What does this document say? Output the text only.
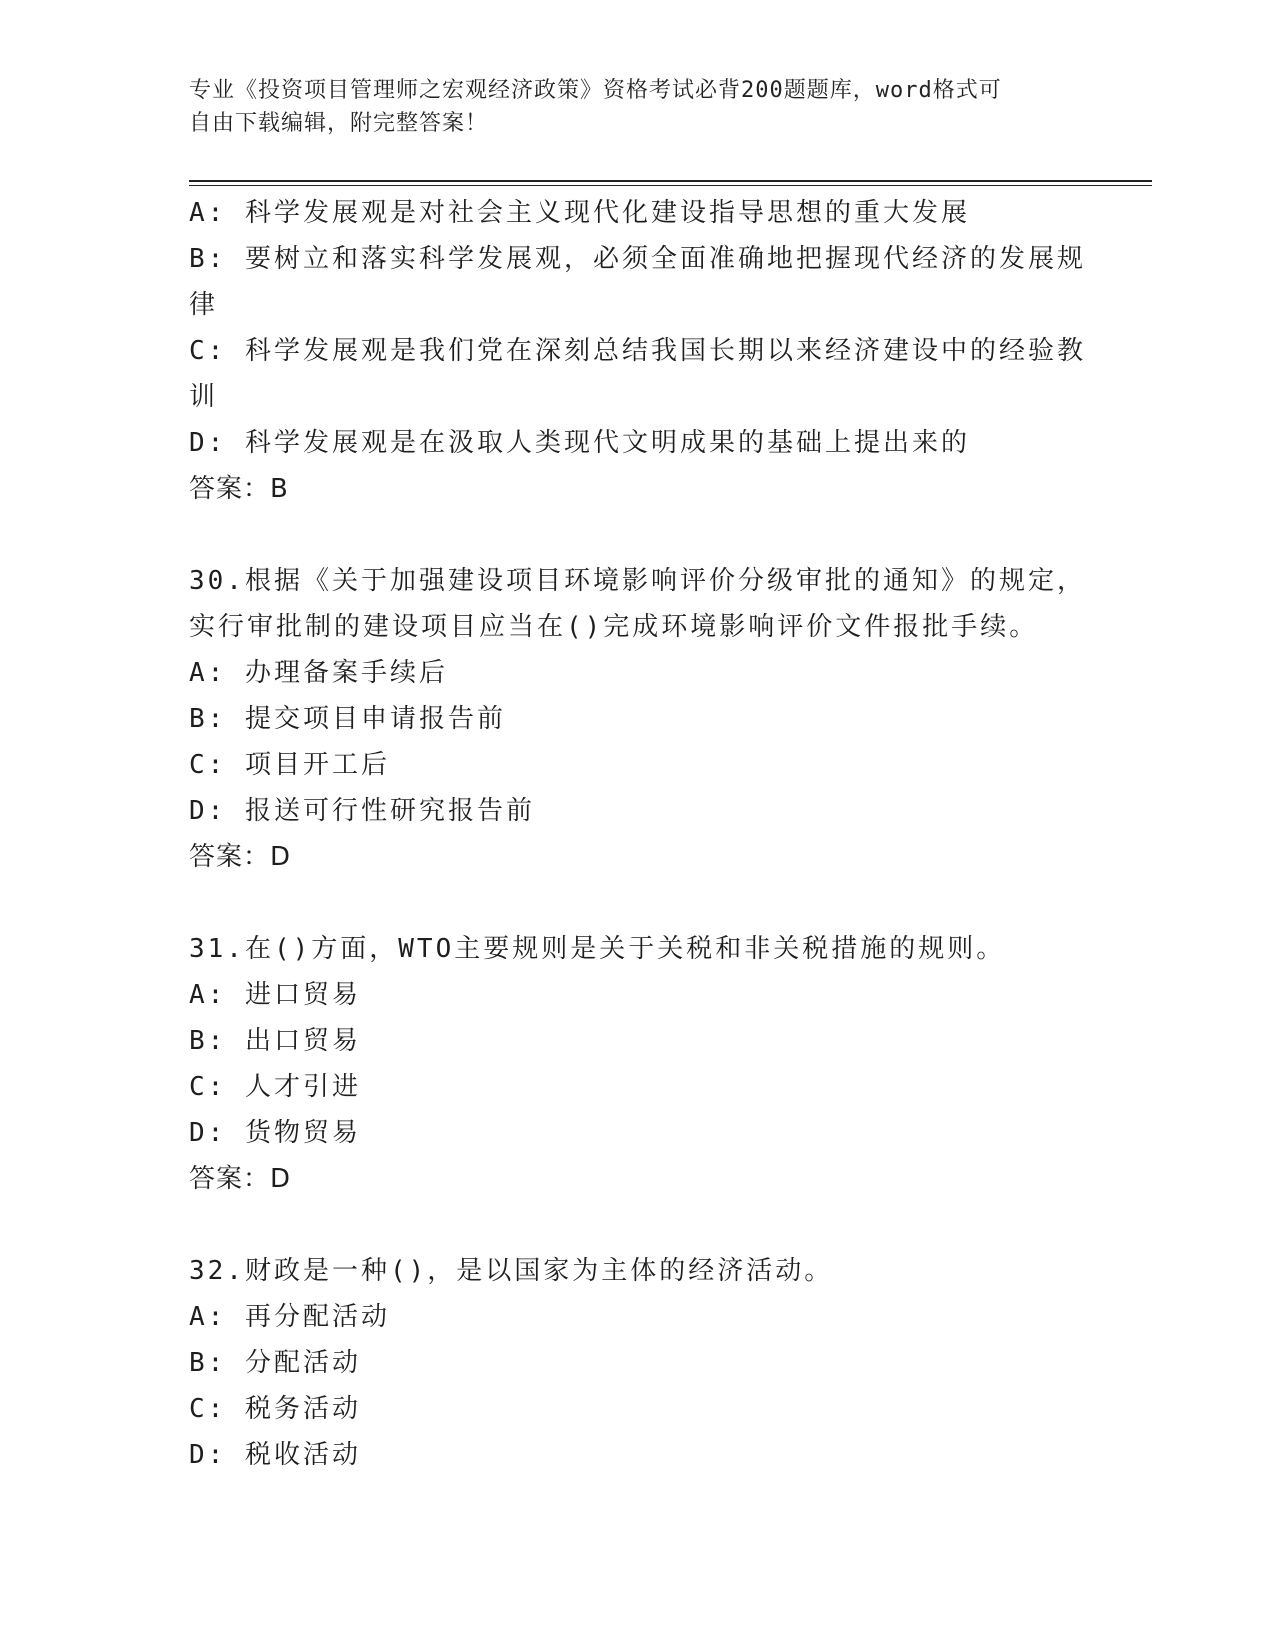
专业《投资项目管理师之宏观经济政策》资格考试必背200题题库，word格式可
自由下载编辑，附完整答案！
A: 科学发展观是对社会主义现代化建设指导思想的重大发展
B: 要树立和落实科学发展观，必须全面准确地把握现代经济的发展规
律
C: 科学发展观是我们党在深刻总结我国长期以来经济建设中的经验教
训
D: 科学发展观是在汲取人类现代文明成果的基础上提出来的
答案：B
30.根据《关于加强建设项目环境影响评价分级审批的通知》的规定，
实行审批制的建设项目应当在()完成环境影响评价文件报批手续。
A: 办理备案手续后
B: 提交项目申请报告前
C: 项目开工后
D: 报送可行性研究报告前
答案：D
31.在()方面，WTO主要规则是关于关税和非关税措施的规则。
A: 进口贸易
B: 出口贸易
C: 人才引进
D: 货物贸易
答案：D
32.财政是一种()，是以国家为主体的经济活动。
A: 再分配活动
B: 分配活动
C: 税务活动
D: 税收活动
